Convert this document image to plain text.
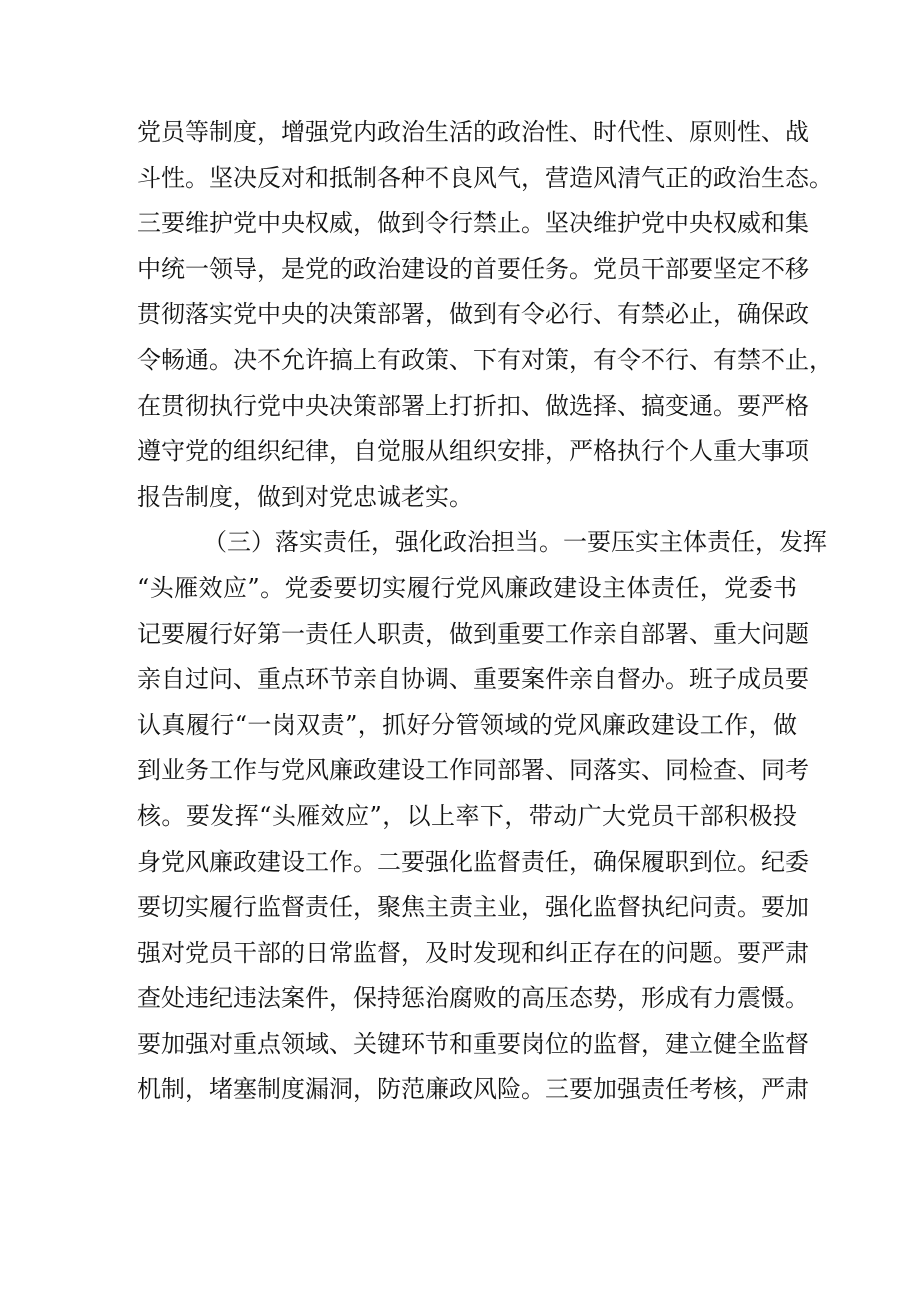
党员等制度，增强党内政治生活的政治性、时代性、原则性、战
斗性。坚决反对和抵制各种不良风气，营造风清气正的政治生态。
三要维护党中央权威，做到令行禁止。坚决维护党中央权威和集
中统一领导，是党的政治建设的首要任务。党员干部要坚定不移
贯彻落实党中央的决策部署，做到有令必行、有禁必止，确保政
令畅通。决不允许搞上有政策、下有对策，有令不行、有禁不止，
在贯彻执行党中央决策部署上打折扣、做选择、搞变通。要严格
遵守党的组织纪律，自觉服从组织安排，严格执行个人重大事项
报告制度，做到对党忠诚老实。
（三）落实责任，强化政治担当。一要压实主体责任，发挥
“头雁效应”。党委要切实履行党风廉政建设主体责任，党委书
记要履行好第一责任人职责，做到重要工作亲自部署、重大问题
亲自过问、重点环节亲自协调、重要案件亲自督办。班子成员要
认真履行“一岗双责”，抓好分管领域的党风廉政建设工作，做
到业务工作与党风廉政建设工作同部署、同落实、同检查、同考
核。要发挥“头雁效应”，以上率下，带动广大党员干部积极投
身党风廉政建设工作。二要强化监督责任，确保履职到位。纪委
要切实履行监督责任，聚焦主责主业，强化监督执纪问责。要加
强对党员干部的日常监督，及时发现和纠正存在的问题。要严肃
查处违纪违法案件，保持惩治腐败的高压态势，形成有力震慑。
要加强对重点领域、关键环节和重要岗位的监督，建立健全监督
机制，堵塞制度漏洞，防范廉政风险。三要加强责任考核，严肃
